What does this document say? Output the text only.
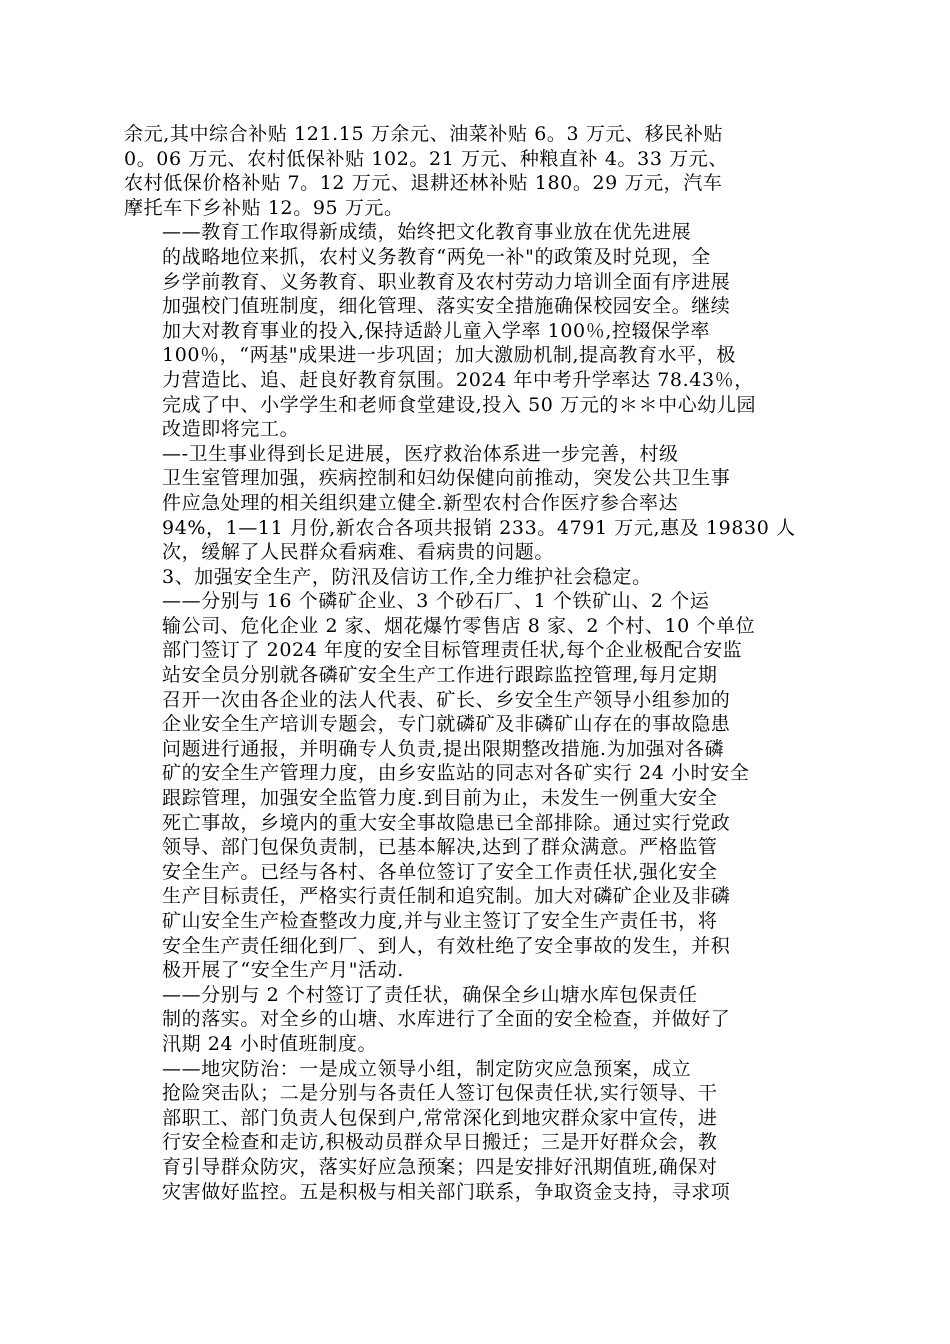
余元,其中综合补贴 121.15 万余元、油菜补贴 6。3 万元、移民补贴
0。06 万元、农村低保补贴 102。21 万元、种粮直补 4。33 万元、
农村低保价格补贴 7。12 万元、退耕还林补贴 180。29 万元，汽车
摩托车下乡补贴 12。95 万元。

——教育工作取得新成绩，始终把文化教育事业放在优先进展
的战略地位来抓，农村义务教育“两免一补"的政策及时兑现，全
乡学前教育、义务教育、职业教育及农村劳动力培训全面有序进展
加强校门值班制度，细化管理、落实安全措施确保校园安全。继续
加大对教育事业的投入,保持适龄儿童入学率 100％,控辍保学率
100％，“两基"成果进一步巩固；加大激励机制,提高教育水平，极
力营造比、追、赶良好教育氛围。2024 年中考升学率达 78.43％，
完成了中、小学学生和老师食堂建设,投入 50 万元的＊＊中心幼儿园
改造即将完工。

—-卫生事业得到长足进展，医疗救治体系进一步完善，村级
卫生室管理加强，疾病控制和妇幼保健向前推动，突发公共卫生事
件应急处理的相关组织建立健全.新型农村合作医疗参合率达
94%，1—11 月份,新农合各项共报销 233。4791 万元,惠及 19830 人
次，缓解了人民群众看病难、看病贵的问题。

3、加强安全生产，防汛及信访工作,全力维护社会稳定。

——分别与 16 个磷矿企业、3 个砂石厂、1 个铁矿山、2 个运
输公司、危化企业 2 家、烟花爆竹零售店 8 家、2 个村、10 个单位
部门签订了 2024 年度的安全目标管理责任状,每个企业极配合安监
站安全员分别就各磷矿安全生产工作进行跟踪监控管理,每月定期
召开一次由各企业的法人代表、矿长、乡安全生产领导小组参加的
企业安全生产培训专题会，专门就磷矿及非磷矿山存在的事故隐患
问题进行通报，并明确专人负责,提出限期整改措施.为加强对各磷
矿的安全生产管理力度，由乡安监站的同志对各矿实行 24 小时安全
跟踪管理，加强安全监管力度.到目前为止，未发生一例重大安全
死亡事故，乡境内的重大安全事故隐患已全部排除。通过实行党政
领导、部门包保负责制，已基本解决,达到了群众满意。严格监管
安全生产。已经与各村、各单位签订了安全工作责任状,强化安全
生产目标责任，严格实行责任制和追究制。加大对磷矿企业及非磷
矿山安全生产检查整改力度,并与业主签订了安全生产责任书，将
安全生产责任细化到厂、到人，有效杜绝了安全事故的发生，并积
极开展了“安全生产月"活动.

——分别与 2 个村签订了责任状，确保全乡山塘水库包保责任
制的落实。对全乡的山塘、水库进行了全面的安全检查，并做好了
汛期 24 小时值班制度。

——地灾防治：一是成立领导小组，制定防灾应急预案，成立
抢险突击队；二是分别与各责任人签订包保责任状,实行领导、干
部职工、部门负责人包保到户,常常深化到地灾群众家中宣传，进
行安全检查和走访,积极动员群众早日搬迁；三是开好群众会，教
育引导群众防灾，落实好应急预案；四是安排好汛期值班,确保对
灾害做好监控。五是积极与相关部门联系，争取资金支持，寻求项
